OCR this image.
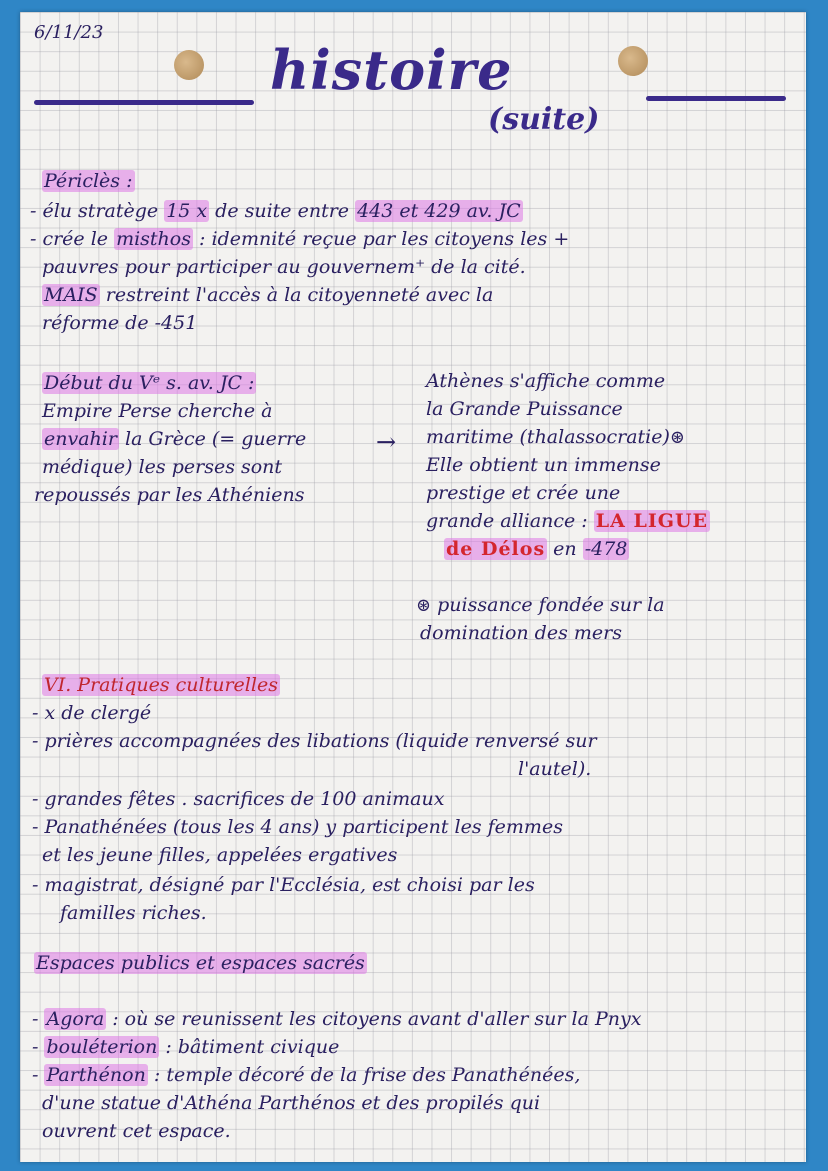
6/11/23
histoire
(suite)
Périclès :
- élu stratège 15 x de suite entre 443 et 429 av. JC
- crée le misthos : idemnité reçue par les citoyens les +
pauvres pour participer au gouvernem⁺ de la cité.
MAIS restreint l'accès à la citoyenneté avec la
réforme de -451
Début du Vᵉ s. av. JC :
Empire Perse cherche à
envahir la Grèce (= guerre
médique) les perses sont
repoussés par les Athéniens
→
Athènes s'affiche comme
la Grande Puissance
maritime (thalassocratie)⊛
Elle obtient un immense
prestige et crée une
grande alliance : LA LIGUE
de Délos en -478
⊛ puissance fondée sur la
domination des mers
VI. Pratiques culturelles
- x de clergé
- prières accompagnées des libations (liquide renversé sur
l'autel).
- grandes fêtes . sacrifices de 100 animaux
- Panathénées (tous les 4 ans) y participent les femmes
et les jeune filles, appelées ergatives
- magistrat, désigné par l'Ecclésia, est choisi par les
familles riches.
Espaces publics et espaces sacrés
- Agora : où se reunissent les citoyens avant d'aller sur la Pnyx
- bouléterion : bâtiment civique
- Parthénon : temple décoré de la frise des Panathénées,
d'une statue d'Athéna Parthénos et des propilés qui
ouvrent cet espace.
